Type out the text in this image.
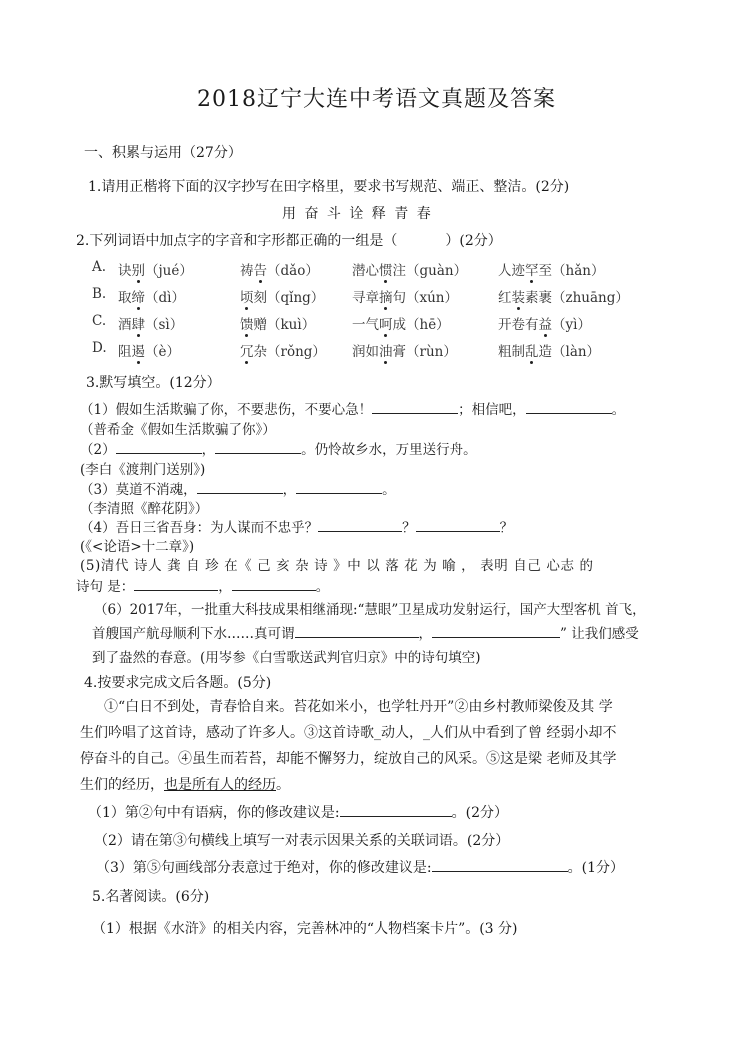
2018辽宁大连中考语文真题及答案
一、积累与运用（27分）
1.请用正楷将下面的汉字抄写在田字格里，要求书写规范、端正、整洁。(2分)
用 奋 斗 诠 释 青 春
2.下列词语中加点字的字音和字形都正确的一组是（	）(2分）
A. 诀别（jué）	祷告（dǎo） 潜心惯注（guàn） 人迹罕至（hǎn）
B. 取缔（dì）	顷刻（qǐng） 寻章摘句（xún）	红装素裹（zhuāng）
C. 酒肆（sì）	馈赠（kuì）	一气呵成（hē）	开卷有益（yì）
D. 阻遏（è）	冗杂（rǒng） 润如油膏（rùn）	粗制乱造（làn）
3.默写填空。(12分）
（1）假如生活欺骗了你，不要悲伤，不要心急！	；相信吧，	。
（普希金《假如生活欺骗了你》）
（2）	，	。仍怜故乡水，万里送行舟。
(李白《渡荆门送别》)
（3）莫道不消魂，	，	。
（李清照《醉花阴》）
（4）吾日三省吾身：为人谋而不忠乎？	？	？
(《<论语>十二章》)
(5)清代 诗人 龚 自 珍 在《 己 亥 杂 诗 》中 以 落 花 为 喻 ， 表明 自己 心志 的
诗句 是：	，	。
（6）2017年，一批重大科技成果相继涌现:“慧眼”卫星成功发射运行，国产大型客机 首飞，
首艘国产航母顺利下水……真可谓	，	” 让我们感受
到了盎然的春意。(用岑参《白雪歌送武判官归京》中的诗句填空)
4.按要求完成文后各题。(5分)
①“白日不到处，青春恰自来。苔花如米小，也学牡丹开”②由乡村教师梁俊及其 学
生们吟唱了这首诗，感动了许多人。③这首诗歌_动人，_人们从中看到了曾 经弱小却不
停奋斗的自己。④虽生而若苔，却能不懈努力，绽放自己的风采。⑤这是梁 老师及其学
生们的经历，也是所有人的经历。
（1）第②句中有语病，你的修改建议是:	。(2分）
（2）请在第③句横线上填写一对表示因果关系的关联词语。(2分）
（3）第⑤句画线部分表意过于绝对，你的修改建议是:	。(1分）
5.名著阅读。(6分)
（1）根据《水浒》的相关内容，完善林冲的“人物档案卡片”。(3 分)
